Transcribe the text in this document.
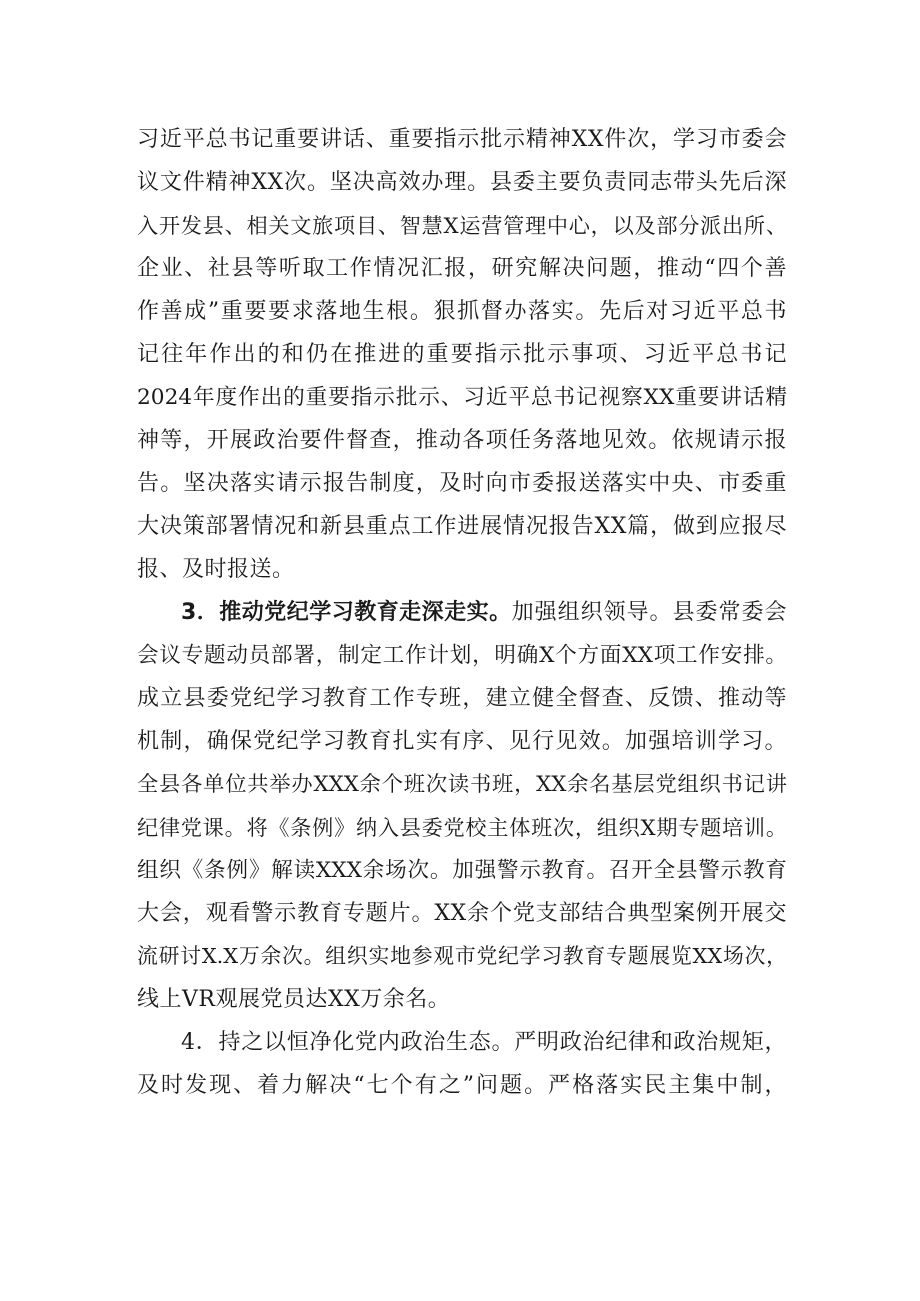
习近平总书记重要讲话、重要指示批示精神XX件次，学习市委会
议文件精神XX次。坚决高效办理。县委主要负责同志带头先后深
入开发县、相关文旅项目、智慧X运营管理中心，以及部分派出所、
企业、社县等听取工作情况汇报，研究解决问题，推动“四个善
作善成”重要要求落地生根。狠抓督办落实。先后对习近平总书
记往年作出的和仍在推进的重要指示批示事项、习近平总书记
2024年度作出的重要指示批示、习近平总书记视察XX重要讲话精
神等，开展政治要件督查，推动各项任务落地见效。依规请示报
告。坚决落实请示报告制度，及时向市委报送落实中央、市委重
大决策部署情况和新县重点工作进展情况报告XX篇，做到应报尽
报、及时报送。
3．推动党纪学习教育走深走实。加强组织领导。县委常委会
会议专题动员部署，制定工作计划，明确X个方面XX项工作安排。
成立县委党纪学习教育工作专班，建立健全督查、反馈、推动等
机制，确保党纪学习教育扎实有序、见行见效。加强培训学习。
全县各单位共举办XXX余个班次读书班，XX余名基层党组织书记讲
纪律党课。将《条例》纳入县委党校主体班次，组织X期专题培训。
组织《条例》解读XXX余场次。加强警示教育。召开全县警示教育
大会，观看警示教育专题片。XX余个党支部结合典型案例开展交
流研讨X.X万余次。组织实地参观市党纪学习教育专题展览XX场次，
线上VR观展党员达XX万余名。
4．持之以恒净化党内政治生态。严明政治纪律和政治规矩，
及时发现、着力解决“七个有之”问题。严格落实民主集中制，
